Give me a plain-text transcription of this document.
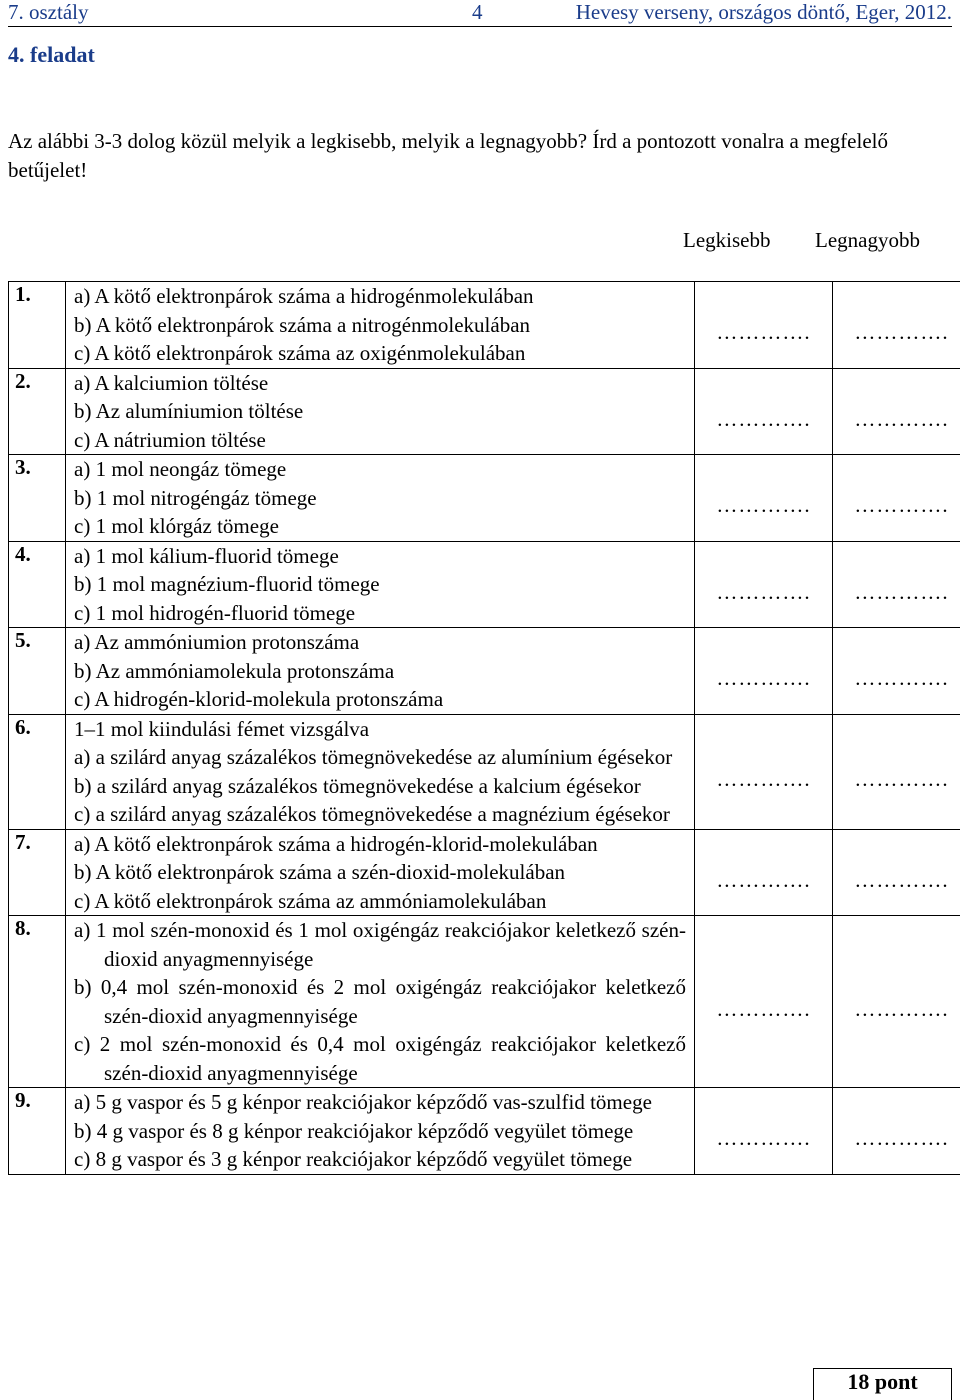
7. osztály	4	Hevesy verseny, országos döntő, Eger, 2012.
4. feladat
Az alábbi 3-3 dolog közül melyik a legkisebb, melyik a legnagyobb? Írd a pontozott vonalra a megfelelő betűjelet!
Legkisebb Legnagyobb
1.	a) A kötő elektronpárok száma a hidrogénmolekulában
b) A kötő elektronpárok száma a nitrogénmolekulában
c) A kötő elektronpárok száma az oxigénmolekulában	………….	………….
2.	a) A kalciumion töltése
b) Az alumíniumion töltése
c) A nátriumion töltése	………….	………….
3.	a) 1 mol neongáz tömege
b) 1 mol nitrogéngáz tömege
c) 1 mol klórgáz tömege	………….	………….
4.	a) 1 mol kálium-fluorid tömege
b) 1 mol magnézium-fluorid tömege
c) 1 mol hidrogén-fluorid tömege	………….	………….
5.	a) Az ammóniumion protonszáma
b) Az ammóniamolekula protonszáma
c) A hidrogén-klorid-molekula protonszáma	………….	………….
6.	1–1 mol kiindulási fémet vizsgálva
a) a szilárd anyag százalékos tömegnövekedése az alumínium égésekor
b) a szilárd anyag százalékos tömegnövekedése a kalcium égésekor
c) a szilárd anyag százalékos tömegnövekedése a magnézium égésekor	………….	………….
7.	a) A kötő elektronpárok száma a hidrogén-klorid-molekulában
b) A kötő elektronpárok száma a szén-dioxid-molekulában
c) A kötő elektronpárok száma az ammóniamolekulában	………….	………….
8.	a) 1 mol szén-monoxid és 1 mol oxigéngáz reakciójakor keletkező szén-dioxid anyagmennyisége
b) 0,4 mol szén-monoxid és 2 mol oxigéngáz reakciójakor keletkező szén-dioxid anyagmennyisége
c) 2 mol szén-monoxid és 0,4 mol oxigéngáz reakciójakor keletkező szén-dioxid anyagmennyisége	………….	………….
9.	a) 5 g vaspor és 5 g kénpor reakciójakor képződő vas-szulfid tömege
b) 4 g vaspor és 8 g kénpor reakciójakor képződő vegyület tömege
c) 8 g vaspor és 3 g kénpor reakciójakor képződő vegyület tömege	………….	………….
18 pont
